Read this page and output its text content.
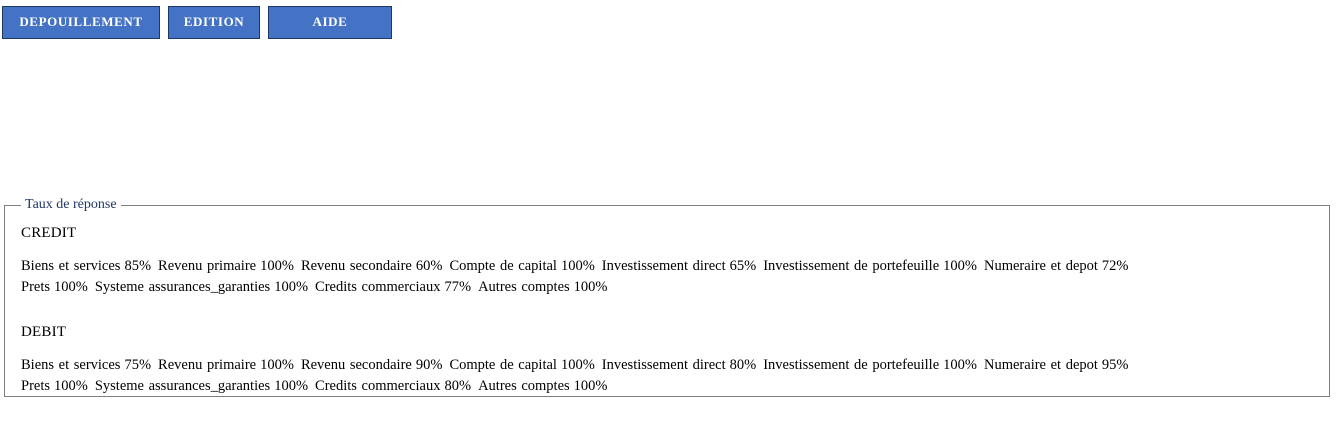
DEPOUILLEMENT	EDITION	AIDE
Taux de réponse
CREDIT
Biens et services 85% Revenu primaire 100% Revenu secondaire 60% Compte de capital 100% Investissement direct 65% Investissement de portefeuille 100% Numeraire et depot 72% Prets 100% Systeme assurances_garanties 100% Credits commerciaux 77% Autres comptes 100%
DEBIT
Biens et services 75% Revenu primaire 100% Revenu secondaire 90% Compte de capital 100% Investissement direct 80% Investissement de portefeuille 100% Numeraire et depot 95% Prets 100% Systeme assurances_garanties 100% Credits commerciaux 80% Autres comptes 100%
